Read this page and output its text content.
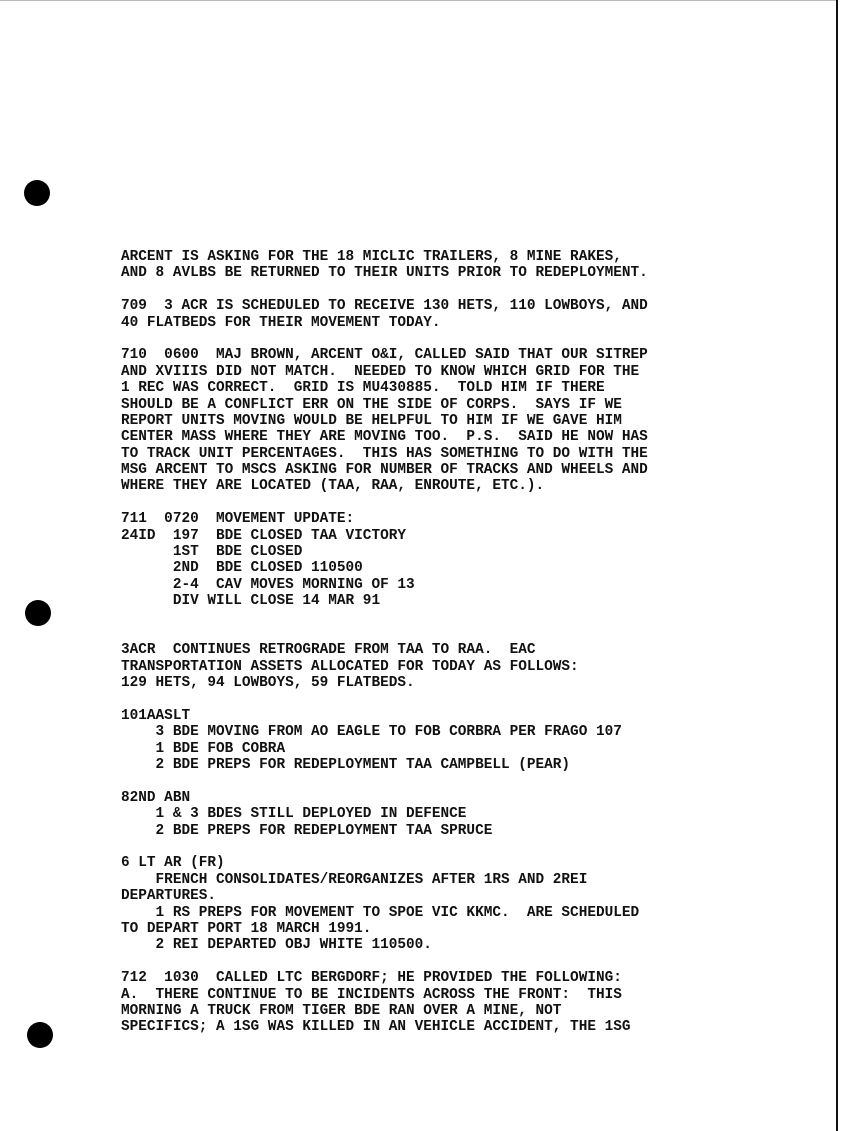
ARCENT IS ASKING FOR THE 18 MICLIC TRAILERS, 8 MINE RAKES,
AND 8 AVLBS BE RETURNED TO THEIR UNITS PRIOR TO REDEPLOYMENT.
709  3 ACR IS SCHEDULED TO RECEIVE 130 HETS, 110 LOWBOYS, AND
40 FLATBEDS FOR THEIR MOVEMENT TODAY.
710  0600  MAJ BROWN, ARCENT O&I, CALLED SAID THAT OUR SITREP
AND XVIIIS DID NOT MATCH.  NEEDED TO KNOW WHICH GRID FOR THE
1 REC WAS CORRECT.  GRID IS MU430885.  TOLD HIM IF THERE
SHOULD BE A CONFLICT ERR ON THE SIDE OF CORPS.  SAYS IF WE
REPORT UNITS MOVING WOULD BE HELPFUL TO HIM IF WE GAVE HIM
CENTER MASS WHERE THEY ARE MOVING TOO.  P.S.  SAID HE NOW HAS
TO TRACK UNIT PERCENTAGES.  THIS HAS SOMETHING TO DO WITH THE
MSG ARCENT TO MSCS ASKING FOR NUMBER OF TRACKS AND WHEELS AND
WHERE THEY ARE LOCATED (TAA, RAA, ENROUTE, ETC.).
711  0720  MOVEMENT UPDATE:
24ID  197  BDE CLOSED TAA VICTORY
1ST  BDE CLOSED
2ND  BDE CLOSED 110500
2-4  CAV MOVES MORNING OF 13
DIV WILL CLOSE 14 MAR 91
3ACR  CONTINUES RETROGRADE FROM TAA TO RAA.  EAC
TRANSPORTATION ASSETS ALLOCATED FOR TODAY AS FOLLOWS:
129 HETS, 94 LOWBOYS, 59 FLATBEDS.
101AASLT
3 BDE MOVING FROM AO EAGLE TO FOB CORBRA PER FRAGO 107
1 BDE FOB COBRA
2 BDE PREPS FOR REDEPLOYMENT TAA CAMPBELL (PEAR)
82ND ABN
1 & 3 BDES STILL DEPLOYED IN DEFENCE
2 BDE PREPS FOR REDEPLOYMENT TAA SPRUCE
6 LT AR (FR)
FRENCH CONSOLIDATES/REORGANIZES AFTER 1RS AND 2REI
DEPARTURES.
1 RS PREPS FOR MOVEMENT TO SPOE VIC KKMC.  ARE SCHEDULED
TO DEPART PORT 18 MARCH 1991.
2 REI DEPARTED OBJ WHITE 110500.
712  1030  CALLED LTC BERGDORF; HE PROVIDED THE FOLLOWING:
A.  THERE CONTINUE TO BE INCIDENTS ACROSS THE FRONT:  THIS
MORNING A TRUCK FROM TIGER BDE RAN OVER A MINE, NOT
SPECIFICS; A 1SG WAS KILLED IN AN VEHICLE ACCIDENT, THE 1SG
